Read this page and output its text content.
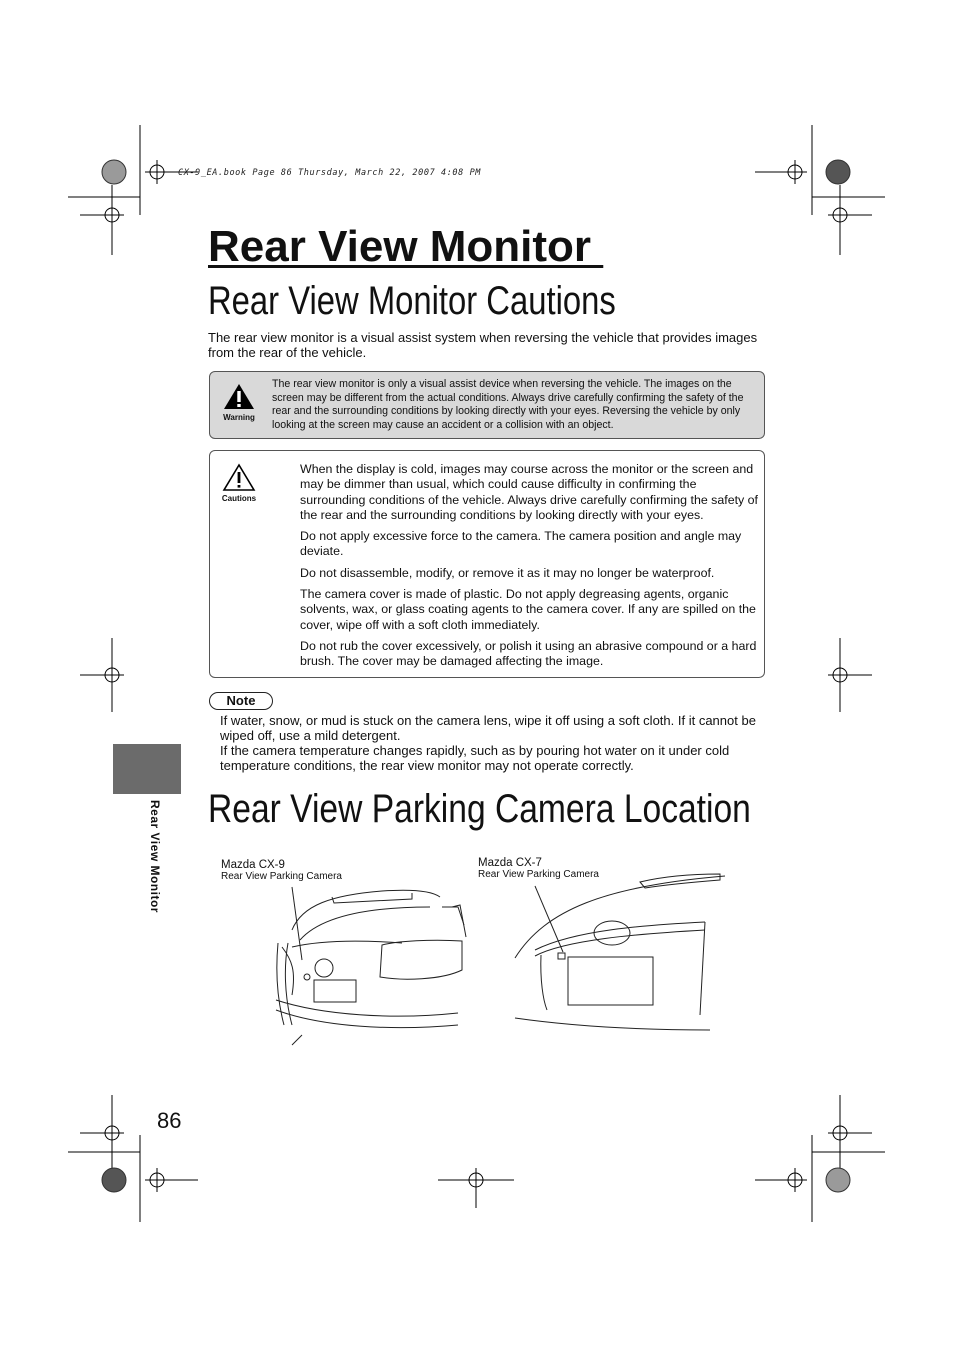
CX-9_EA.book Page 86 Thursday, March 22, 2007 4:08 PM
Rear View Monitor
Rear View Monitor Cautions
The rear view monitor is a visual assist system when reversing the vehicle that provides images from the rear of the vehicle.
Warning
The rear view monitor is only a visual assist device when reversing the vehicle. The images on the screen may be different from the actual conditions. Always drive carefully confirming the safety of the rear and the surrounding conditions by looking directly with your eyes. Reversing the vehicle by only looking at the screen may cause an accident or a collision with an object.
Cautions

When the display is cold, images may course across the monitor or the screen and may be dimmer than usual, which could cause difficulty in confirming the surrounding conditions of the vehicle. Always drive carefully confirming the safety of the rear and the surrounding conditions by looking directly with your eyes.

Do not apply excessive force to the camera. The camera position and angle may deviate.

Do not disassemble, modify, or remove it as it may no longer be waterproof.

The camera cover is made of plastic. Do not apply degreasing agents, organic solvents, wax, or glass coating agents to the camera cover. If any are spilled on the cover, wipe off with a soft cloth immediately.

Do not rub the cover excessively, or polish it using an abrasive compound or a hard brush. The cover may be damaged affecting the image.

Note

If water, snow, or mud is stuck on the camera lens, wipe it off using a soft cloth. If it cannot be wiped off, use a mild detergent.

If the camera temperature changes rapidly, such as by pouring hot water on it under cold temperature conditions, the rear view monitor may not operate correctly.

Rear View Monitor Rear View Parking Camera Location
Mazda CX-9
Rear View Parking Camera
Mazda CX-7
Rear View Parking Camera
86
